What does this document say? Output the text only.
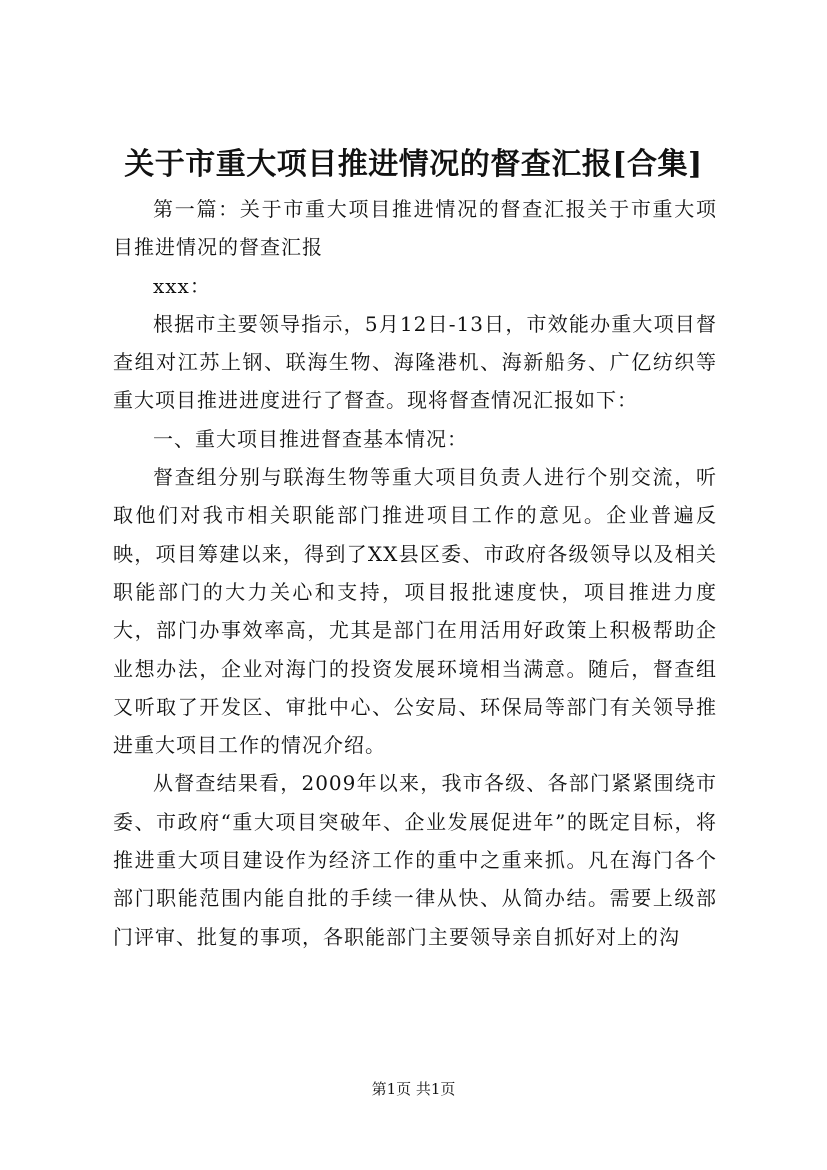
关于市重大项目推进情况的督查汇报[合集]

第一篇：关于市重大项目推进情况的督查汇报关于市重大项目推进情况的督查汇报

xxx：

根据市主要领导指示，5月12日-13日，市效能办重大项目督查组对江苏上钢、联海生物、海隆港机、海新船务、广亿纺织等重大项目推进进度进行了督查。现将督查情况汇报如下：

一、重大项目推进督查基本情况：

督查组分别与联海生物等重大项目负责人进行个别交流，听取他们对我市相关职能部门推进项目工作的意见。企业普遍反映，项目筹建以来，得到了XX县区委、市政府各级领导以及相关职能部门的大力关心和支持，项目报批速度快，项目推进力度大，部门办事效率高，尤其是部门在用活用好政策上积极帮助企业想办法，企业对海门的投资发展环境相当满意。随后，督查组又听取了开发区、审批中心、公安局、环保局等部门有关领导推进重大项目工作的情况介绍。

从督查结果看，2009年以来，我市各级、各部门紧紧围绕市委、市政府“重大项目突破年、企业发展促进年”的既定目标，将推进重大项目建设作为经济工作的重中之重来抓。凡在海门各个部门职能范围内能自批的手续一律从快、从简办结。需要上级部门评审、批复的事项，各职能部门主要领导亲自抓好对上的沟

第1页 共1页
